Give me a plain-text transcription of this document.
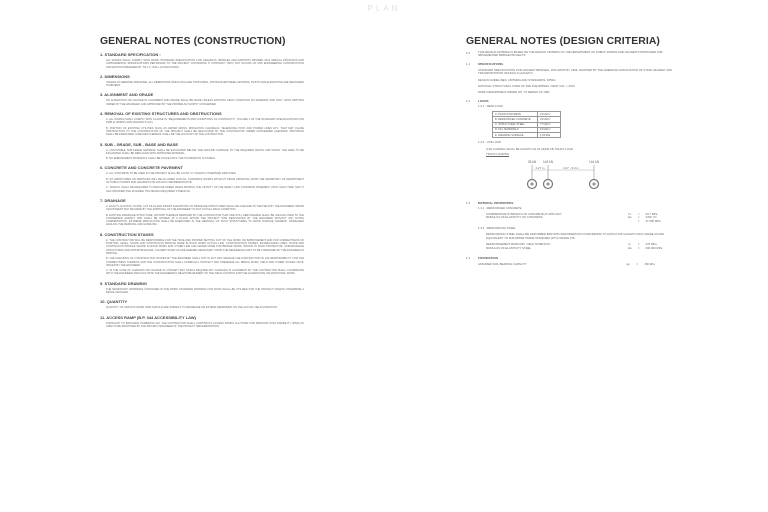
PLAN
GENERAL NOTES (CONSTRUCTION)
1. STANDARD SPECIFICATION :
ALL WORKS SHALL COMPLY WITH DPWH STANDARD SPECIFICATION FOR HIGHWAYS, BRIDGES AND AIRPORTS REVISED 2013 SPECIAL PROVISION AND SUPPLEMENTAL SPECIFICATIONS PERTAINING TO THE PROJECT CONTAINING IT CONTRACT (SPC) NOT INCONS OF CNS ENGINEERING CONSTRUCTION AND EDITION PREPARED BY T.R.L.C. WALL & ASSOCIATES.
2. DIMENSIONS
UNLESS OTHERWISE SPECIFIED, ALL DIMENSIONS WHICH INCLUDE STATIONING, DISTANCE BETWEEN CENTERS, POSTS AND ELEVATIONS ARE MEASURED IN METERS.
3. ALIGNMENT AND GRADE
NO ALTERATION OR CHANGE IN ALIGNMENT AND GRADE SHALL BE MADE UNLESS EXISTING FIELD CONDITION SO WARRANT AND ONLY UPON WRITTEN ORDER BY THE ENGINEER, AND APPROVED BY THE PROPER AUTHORITY CONCERNED.
4. REMOVAL OF EXISTING STRUCTURES AND OBSTRUCTIONS
A. ALL WORKS SHALL COMPLY WITH CLAUSE IN "REQUIREMENTS AND CONDITIONS OF CONTRACTS", VOLUME 1 OF THE STANDARD SPECIFICATIONS FOR PUBLIC WORKS AND HIGHWAYS (AO).
B. PORTION OF EXISTING UTILITIES SUCH AS WATER MAINS, IRRIGATION CHANNELS, TELEPHONE POST AND POWER LINES ETC. THAT MAY CAUSE OBSTRUCTION TO THE CONSTRUCTION OF THE PROJECT SHALL BE RELOCATED BY THE CONTRACTOR UNDER CONCERNED AGENCIES. PROVISION SHALL BE EXERCISED, DAMAGES THEREOF SHALL BE THE ACCOUNT OF THE CONTRACTOR.
5. SUB - GRADE, SUB - BASE AND BASE
A. UNSUITABLE SUB-GRADE MATERIAL SHALL BE EXCAVATED BELOW THE GROUND SURFACE TO THE REQUIRED DEPTH AND WIDTH. THE AREA TO BE EXCAVATED SHALL BE REPLACED WITH APPROVED MATERIAL.
B. NO EMBANKMENT MATERIALS SHALL BE PLACE UNTIL THE FOUNDATION IS STABLE.
6. CONCRETE AND CONCRETE PAVEMENT
A. ALL CONCRETE TO BE USED IN THE PROJECT SHALL BE CLASS "A" UNLESS OTHERWISE INDICATED.
B. NO ADMIXTURES OR ADDITIVES WILL BE ALLOWED FOR ALL CONCRETE WORKS WITHOUT PRIOR APPROVAL FROM THE SECRETARY OF DEPARTMENT OF PUBLIC WORKS AND HIGHWAYS OR HIS DULY REPRESENTATIVE.
C. TRAFFIC SHALL BE REQUIRED TO REDUCE SPEED WHEN PASSING THE VICINITY OF THE NEWLY LAID CONCRETE PAVEMENT UNTIL SUCH TIME THAT IT HAS OBTAINED THE PLANNED 75% DESIGN REQUIRED STRENGTH.
7. DRAINAGE
A. EXACT LOCATION, SLOPE, CUT FILLS AND INVERT ELEVATIONS OF DRAINAGE STRUCTURES SHALL BE CHECKED IN THE FIELD BY THE ENGINEER; MINOR ADJUSTMENT MAY BE MADE BY THE APPROVAL OF THE ENGINEER TO SUIT ACTUAL FIELD CONDITION.
B. EXISTING DRAINAGE STRUCTURE, OR PART THEREOF REMOVED BY THE CONTRACTOR THAT ARE STILL SERVICEABLE SHALL BE UNLOAD OVER TO THE CONCERNED AGENCY AND SHALL BE STORED AT A PLACE WITHIN THE PROJECT SITE DESIGNATED BY THE ENGINEER WITHOUT ANY EXTRA COMPENSATION. EXTREME PRECAUTION SHALL BE EXERCISED IN THE REMOVAL OF SUCH STRUCTURES TO AVOID DAMAGE THEREOF. INCREASED HAULING THE REMOVAL AND HANDLING.
8. CONSTRUCTION STAKES
A. THE CONTRACTOR WILL BE RESPONSIBLE FOR THE TRUE AND PROPER SETTING OUT OF THE WORK OR IMPROVEMENT AND FOR CORRECTNESS OF POSITION, LEVEL, SLOPE AND CONTINUOUS PROFILE MADE IN ROAD WORK ACTUAL LINE. CONSTRUCTION STAKES, ESTABLISHING LINES, SLOPE AND CONTINUOUS PROFILE GRADE IN ROAD WORK AND OTHER LINE AND GRADE MADE FOR BRIDGE WORK, DRAINS IN ROAD PROTECTOR. SUB-DRAINAGE STRUCTURES AND APPURTENANCES, CULVERT WORK AS ARE DEEMED NECESSARY FROM THE REFERENCE DATA TO BE FURNISHED BY THE ENGINEER IN WRITING.
B. THE CHECKING OF CONSTRUCTION STAKES BY THE ENGINEER SHALL NOT IN ANY WAY RELIEVE THE CONTRACTOR OF HIS RESPONSIBILITY FOR THE CORRECTNESS THEREOF AND THE CONSTRUCTION SHALL CAREFULLY PROTECT AND PRESERVE ALL BENCH MARK, FIELD AND OTHER STAKES UNTIL ISSUED BY THE ENGINEER.
C. IN THE CASE OF CHANGES OR CHANGE IN CONCEPT MAY WHICH REQUIRE ANY CHANGES IN ALIGNMENT BY THE CONTRACTOR SHALL COORDINATE WITH THE ENGINEER AND FACILITATE THE ENGINEER IN RE-ESTABLISHMENT OF THE FIELD CONTROL FOR THE ALTERNATIVE OR ADDITIONAL WORK.
9. STANDARD DRAWING
THE NECESSARY DRAWINGS CONTAINED IN THE DPWH STANDARD DRAWING FOR ROAD SHALL BE UTILIZED FOR THE PROJECT UNLESS OTHERWISE A DETAIL DETAILED.
10. QUANTITY
QUANTITY OF VARIOUS WORK ITEM SHOULD ARE SUBJECT TO DECREASE OR EXTEND DEPENDING ON THE ACTUAL FIELD CONDITION.
11. ACCESS RAMP (B.P. 344 ACCESSIBILITY LAW)
PURSUANT TO BATASANG PAMBANSA 344, THE CONTRACTOR SHALL CONSTRUCT ACCESS RAMPS ALLOTTED FOR PERSONS WITH DISABILITY (PWD) AS ANDO IS BE IDENTIFIED BY THE PROJECT ENGINEER AT THE PROJECT IMPLEMENTATION.
GENERAL NOTES (DESIGN CRITERIA)
1.0	THIS DESIGN CRITERIA IS BASED ON THE DESIGN CRITERIA OF THE DEPARTMENT OF PUBLIC WORKS AND HIGHWAYS PROPOSED AND IMPLEMENTED BRIDGE PROJECTS.
1.1	SPECIFICATIONS
STANDARD SPECIFICATION FOR HIGHWAY BRIDGES, 16TH EDITION, 1996, ADOPTED BY THE AMERICAN ASSOCIATION OF STATE HIGHWAY AND TRANSPORTATION OFFICIALS (AASHTO).
DESIGN GUIDELINES, CRITERIA AND STANDARDS, DPWH.
NATIONAL STRUCTURAL CODE OF THE PHILIPPINES, NSCP VOL. I, 2015
DPWH DEPARTMENT ORDER NO. 75 SERIES OF 1992
1.2	LOADS
1.2.1 DEAD LOAD
A. PLAIN CONCRETE	23 kN/m³
B. REINFORCED CONCRETE	24 kN/m³
C. STRUCTURAL STEEL	77 kN/m³
D. FILL MATERIALS	19 kN/m³
E. WEARING SURFACE	1.53 kPa
1.2.2 LIVE LOAD
LIVE LOADING SHALL BE AASHTO HS 15-44(MS 18) TRUCK LOAD
TRUCK LOADING
35 kN 144 kN	144 kN
4.27 m	4.27 - 9.0 m
1.3	MATERIAL PROPERTIES
1.3.1 REINFORCED CONCRETE
COMPRESSIVE STRENGTH OF CONCRETE AT 28TH DAY	f'c	=	20.7 MPa
MODULUS OF ELASTICITY OF CONCRETE	Ec	=	4700 √f'c
=	21 500 MPa
1.3.2 REINFORCING STEEL
REINFORCING STEEL SHALL BE DEFORMED BAR WITH DEFORMATION CONFORMING TO ASTM A 615 (AASHTO M31) GRADE 40 AND EQUIVALENT TO PHILIPPINE TRADE STANDARD (PTS) GRADE 276.
REINFORCEMENT BARS MIN. YIELD STRENGTH	fy	=	276 MPa
MODULUS OF ELASTICITY STEEL	Es	=	200 000 MPa
1.4	FOUNDATION
ASSUMED SOIL BEARING CAPACITY	qa	=	150 kPa
